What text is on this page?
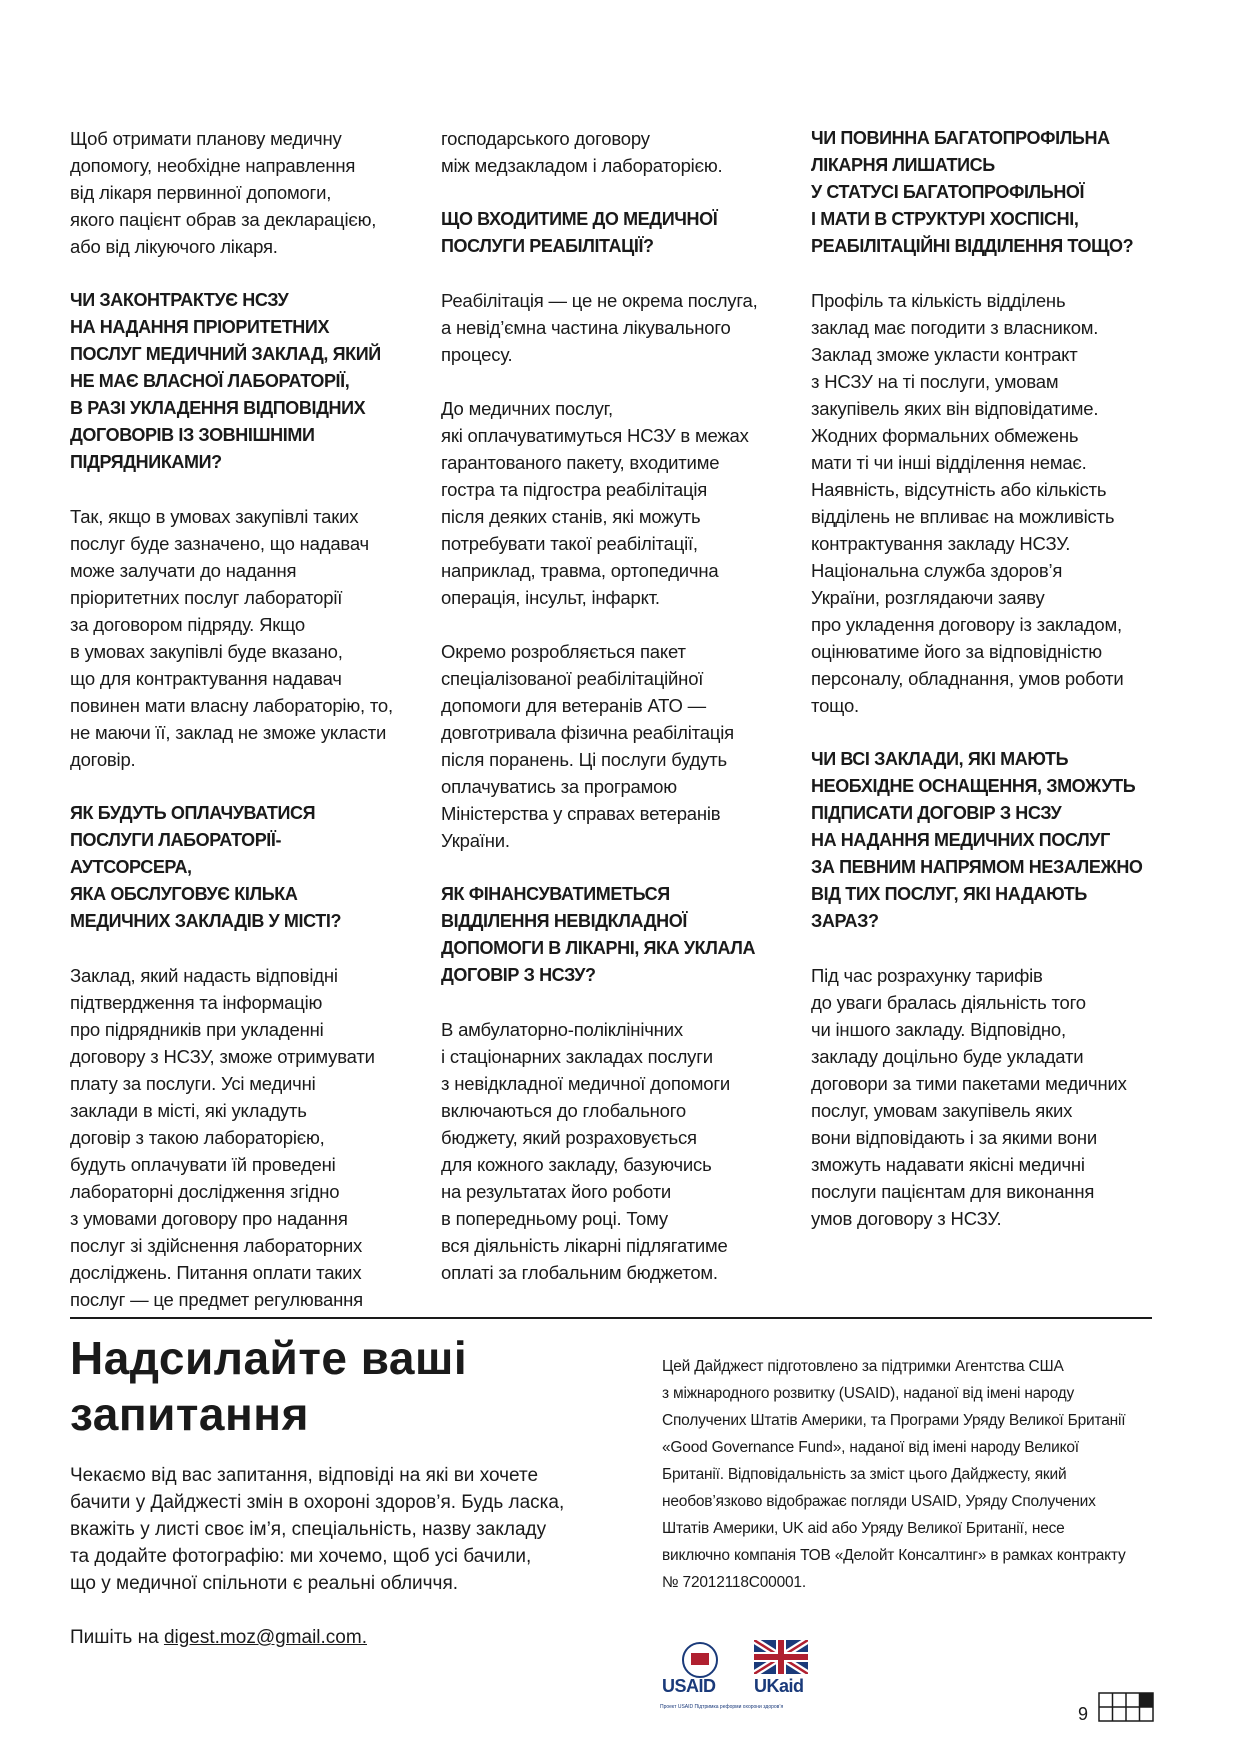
Щоб отримати планову медичну
допомогу, необхідне направлення
від лікаря первинної допомоги,
якого пацієнт обрав за декларацією,
або від лікуючого лікаря.

ЧИ ЗАКОНТРАКТУЄ НСЗУ
НА НАДАННЯ ПРІОРИТЕТНИХ
ПОСЛУГ МЕДИЧНИЙ ЗАКЛАД, ЯКИЙ
НЕ МАЄ ВЛАСНОЇ ЛАБОРАТОРІЇ,
В РАЗІ УКЛАДЕННЯ ВІДПОВІДНИХ
ДОГОВОРІВ ІЗ ЗОВНІШНІМИ
ПІДРЯДНИКАМИ?

Так, якщо в умовах закупівлі таких
послуг буде зазначено, що надавач
може залучати до надання
пріоритетних послуг лабораторії
за договором підряду. Якщо
в умовах закупівлі буде вказано,
що для контрактування надавач
повинен мати власну лабораторію, то,
не маючи її, заклад не зможе укласти
договір.

ЯК БУДУТЬ ОПЛАЧУВАТИСЯ
ПОСЛУГИ ЛАБОРАТОРІЇ-АУТСОРСЕРА,
ЯКА ОБСЛУГОВУЄ КІЛЬКА
МЕДИЧНИХ ЗАКЛАДІВ У МІСТІ?

Заклад, який надасть відповідні
підтвердження та інформацію
про підрядників при укладенні
договору з НСЗУ, зможе отримувати
плату за послуги. Усі медичні
заклади в місті, які укладуть
договір з такою лабораторією,
будуть оплачувати їй проведені
лабораторні дослідження згідно
з умовами договору про надання
послуг зі здійснення лабораторних
досліджень. Питання оплати таких
послуг — це предмет регулювання

господарського договору
між медзакладом і лабораторією.

ЩО ВХОДИТИМЕ ДО МЕДИЧНОЇ
ПОСЛУГИ РЕАБІЛІТАЦІЇ?

Реабілітація — це не окрема послуга,
а невід’ємна частина лікувального
процесу.

До медичних послуг,
які оплачуватимуться НСЗУ в межах
гарантованого пакету, входитиме
гостра та підгостра реабілітація
після деяких станів, які можуть
потребувати такої реабілітації,
наприклад, травма, ортопедична
операція, інсульт, інфаркт.

Окремо розробляється пакет
спеціалізованої реабілітаційної
допомоги для ветеранів АТО —
довготривала фізична реабілітація
після поранень. Ці послуги будуть
оплачуватись за програмою
Міністерства у справах ветеранів
України.

ЯК ФІНАНСУВАТИМЕТЬСЯ
ВІДДІЛЕННЯ НЕВІДКЛАДНОЇ
ДОПОМОГИ В ЛІКАРНІ, ЯКА УКЛАЛА
ДОГОВІР З НСЗУ?

В амбулаторно-поліклінічних
і стаціонарних закладах послуги
з невідкладної медичної допомоги
включаються до глобального
бюджету, який розраховується
для кожного закладу, базуючись
на результатах його роботи
в попередньому році. Тому
вся діяльність лікарні підлягатиме
оплаті за глобальним бюджетом.

ЧИ ПОВИННА БАГАТОПРОФІЛЬНА
ЛІКАРНЯ ЛИШАТИСЬ
У СТАТУСІ БАГАТОПРОФІЛЬНОЇ
І МАТИ В СТРУКТУРІ ХОСПІСНІ,
РЕАБІЛІТАЦІЙНІ ВІДДІЛЕННЯ ТОЩО?

Профіль та кількість відділень
заклад має погодити з власником.
Заклад зможе укласти контракт
з НСЗУ на ті послуги, умовам
закупівель яких він відповідатиме.
Жодних формальних обмежень
мати ті чи інші відділення немає.
Наявність, відсутність або кількість
відділень не впливає на можливість
контрактування закладу НСЗУ.
Національна служба здоров’я
України, розглядаючи заяву
про укладення договору із закладом,
оцінюватиме його за відповідністю
персоналу, обладнання, умов роботи
тощо.

ЧИ ВСІ ЗАКЛАДИ, ЯКІ МАЮТЬ
НЕОБХІДНЕ ОСНАЩЕННЯ, ЗМОЖУТЬ
ПІДПИСАТИ ДОГОВІР З НСЗУ
НА НАДАННЯ МЕДИЧНИХ ПОСЛУГ
ЗА ПЕВНИМ НАПРЯМОМ НЕЗАЛЕЖНО
ВІД ТИХ ПОСЛУГ, ЯКІ НАДАЮТЬ
ЗАРАЗ?

Під час розрахунку тарифів
до уваги бралась діяльність того
чи іншого закладу. Відповідно,
закладу доцільно буде укладати
договори за тими пакетами медичних
послуг, умовам закупівель яких
вони відповідають і за якими вони
зможуть надавати якісні медичні
послуги пацієнтам для виконання
умов договору з НСЗУ.

Надсилайте ваші
запитання

Чекаємо від вас запитання, відповіді на які ви хочете
бачити у Дайджесті змін в охороні здоров’я. Будь ласка,
вкажіть у листі своє ім’я, спеціальність, назву закладу
та додайте фотографію: ми хочемо, щоб усі бачили,
що у медичної спільноти є реальні обличчя.

Пишіть на digest.moz@gmail.com.

Цей Дайджест підготовлено за підтримки Агентства США
з міжнародного розвитку (USAID), наданої від імені народу
Сполучених Штатів Америки, та Програми Уряду Великої Британії
«Good Governance Fund», наданої від імені народу Великої
Британії. Відповідальність за зміст цього Дайджесту, який
необов’язково відображає погляди USAID, Уряду Сполучених
Штатів Америки, UK aid або Уряду Великої Британії, несе
виключно компанія ТОВ «Делойт Консалтинг» в рамках контракту
№ 72012118C00001.
USAID UKaid
Проект USAID Підтримка реформи охорони здоров’я	9
